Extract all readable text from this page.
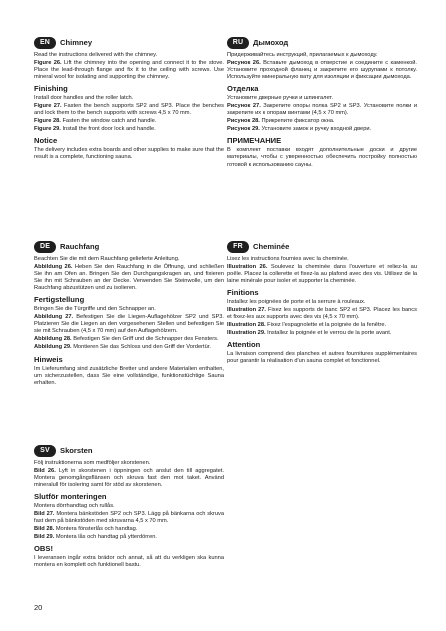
EN	Chimney

Read the instructions delivered with the chimney.

Figure 26. Lift the chimney into the opening and connect it to the stove. Place the lead-through flange and fix it to the ceiling with screws. Use mineral wool for isolating and supporting the chimney.

Finishing

Install door handles and the roller latch.

Figure 27. Fasten the bench supports SP2 and SP3. Place the benches and lock them to the bench supports with screws 4,5 x 70 mm.

Figure 28. Fasten the window catch and handle.

Figure 29. Install the front door lock and handle.

Notice

The delivery includes extra boards and other supplies to make sure that the result is a complete, functioning sauna.

RU	Дымоход

Придерживайтесь инструкций, прилагаемых к дымоходу.

Рисунок 26. Вставьте дымоход в отверстие и соедините с каменкой. Установите проходной фланец и закрепите его шурупами к потолку. Используйте минеральную вату для изоляции и фиксации дымохода.

Отделка

Установите дверные ручки и шпингалет.

Рисунок 27. Закрепите опоры полка SP2 и SP3. Установите полки и закрепите их к опорам винтами (4,5 x 70 mm).

Рисунок 28. Прикрепите фиксатор окна.

Рисунок 29. Установите замок и ручку входной двери.

ПРИМЕЧАНИЕ

В комплект поставки входят дополнительные доски и другие материалы, чтобы с уверенностью обеспечить постройку полностью готовой к использованию сауны.

DE	Rauchfang

Beachten Sie die mit dem Rauchfang gelieferte Anleitung.

Abbildung 26. Heben Sie den Rauchfang in die Öffnung, und schließen Sie ihn am Ofen an. Bringen Sie den Durchgangskragen an, und fixieren Sie ihn mit Schrauben an der Decke. Verwenden Sie Steinwolle, um den Rauchfang abzustützen und zu isolieren.

Fertigstellung

Bringen Sie die Türgriffe und den Schnapper an.

Abbildung 27. Befestigen Sie die Liegen-Auflagehölzer SP2 und SP3. Platzieren Sie die Liegen an den vorgesehenen Stellen und befestigen Sie sie mit Schrauben (4,5 x 70 mm) auf den Auflagehölzern.

Abbildung 28. Befestigen Sie den Griff und die Schnapper des Fensters.

Abbildung 29. Montieren Sie das Schloss und den Griff der Vordertür.

Hinweis

Im Lieferumfang sind zusätzliche Bretter und andere Materialien enthalten, um sicherzustellen, dass Sie eine vollständige, funktionstüchtige Sauna erhalten.

FR	Cheminée

Lisez les instructions fournies avec la cheminée.

Illustration 26. Soulevez la cheminée dans l'ouverture et reliez-la au poêle. Placez la collerette et fixez-la au plafond avec des vis. Utilisez de la laine minérale pour isoler et supporter la cheminée.

Finitions

Installez les poignées de porte et la serrure à rouleaux.

Illustration 27. Fixez les supports de banc SP2 et SP3. Placez les bancs et fixez-les aux supports avec des vis (4,5 x 70 mm).

Illustration 28. Fixez l'espagnolette et la poignée de la fenêtre.

Illustration 29. Installez la poignée et le verrou de la porte avant.

Attention

La livraison comprend des planches et autres fournitures supplémentaires pour garantir la réalisation d'un sauna complet et fonctionnel.

SV	Skorsten

Följ instruktionerna som medföljer skorstenen.

Bild 26. Lyft in skorstenen i öppningen och anslut den till aggregatet. Montera genomgångsflänsen och skruva fast den mot taket. Använd mineralull för isolering samt för stöd av skorstenen.

Slutför monteringen

Montera dörrhandtag och rullås.

Bild 27. Montera bänkstöden SP2 och SP3. Lägg på bänkarna och skruva fast dem på bänkstöden med skruvarna 4,5 x 70 mm.

Bild 28. Montera fönsterlås och handtag.

Bild 29. Montera lås och handtag på ytterdörren.

OBS!

I leveransen ingår extra brädor och annat, så att du verkligen ska kunna montera en komplett och funktionell bastu.

20
